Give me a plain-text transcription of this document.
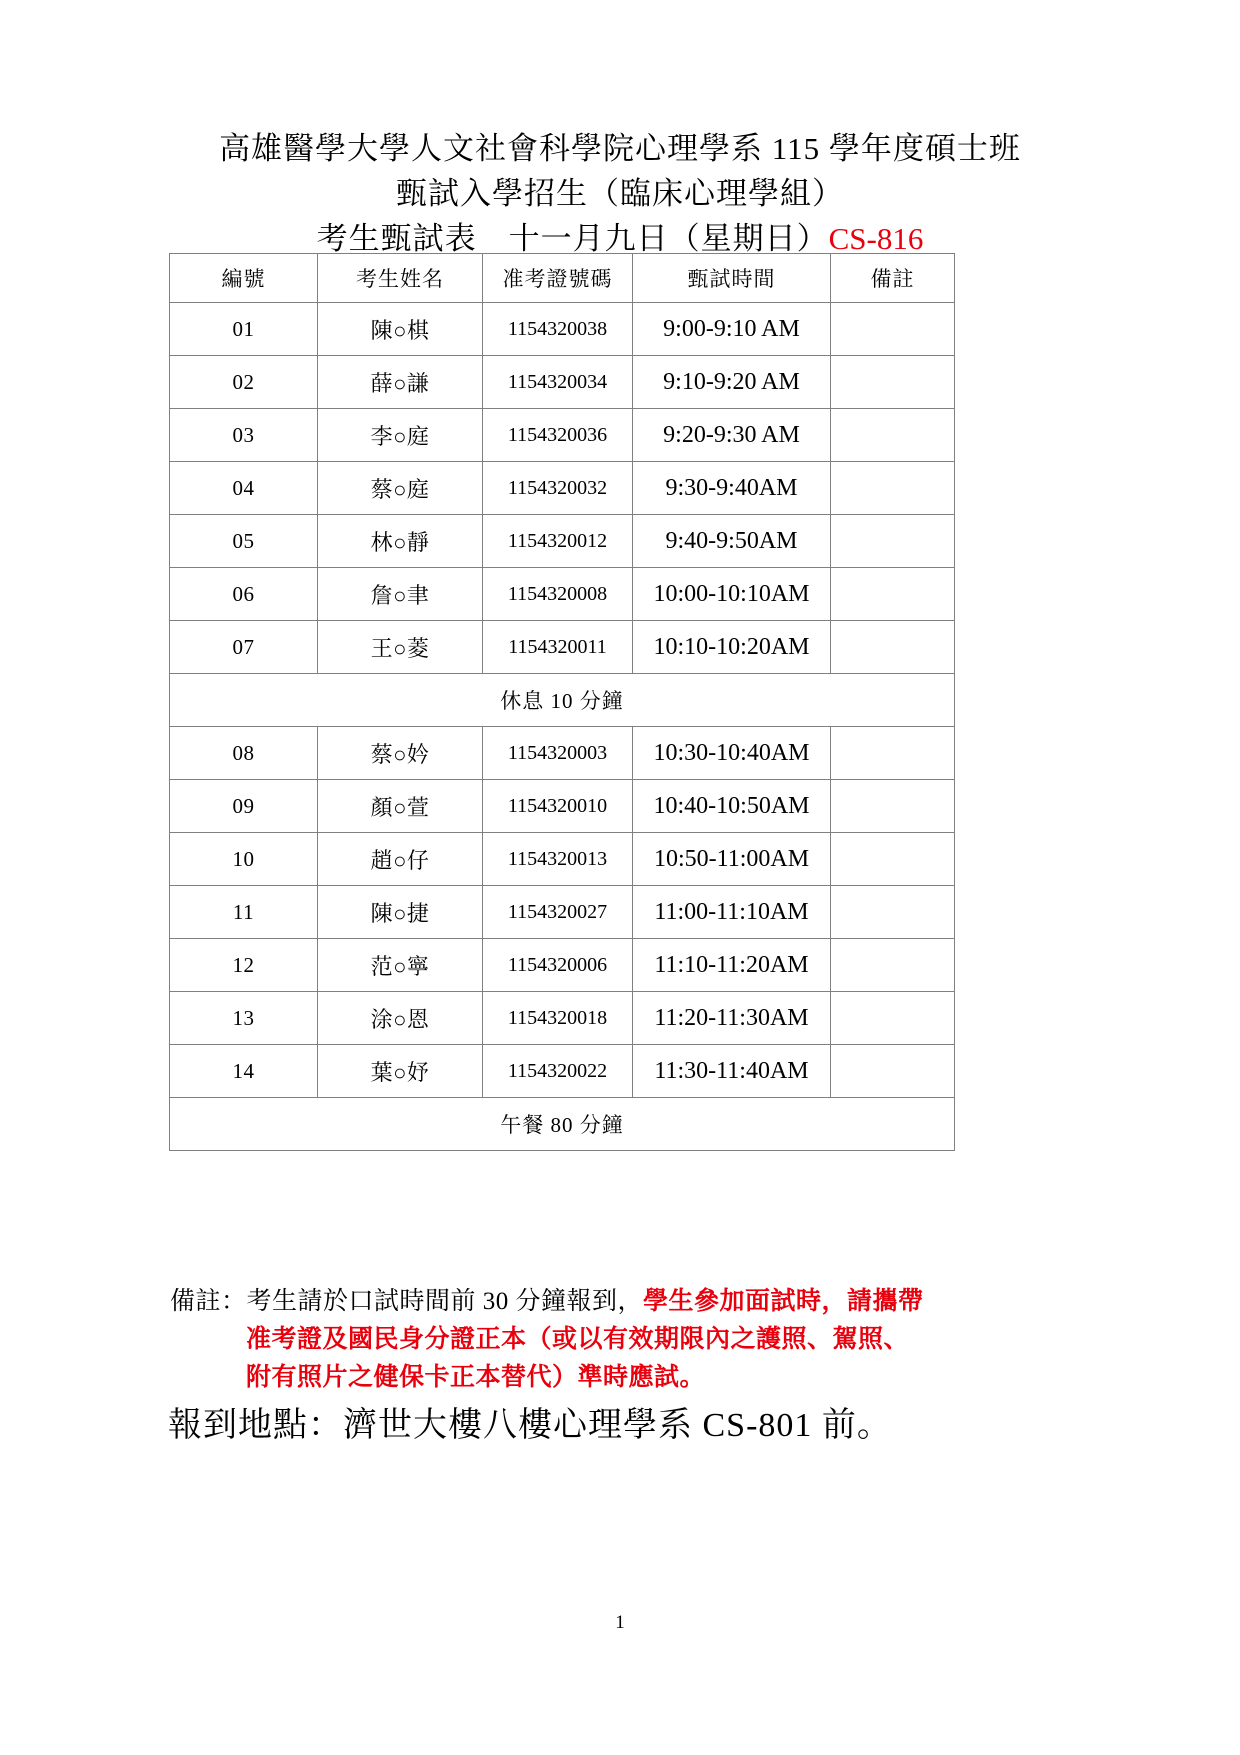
高雄醫學大學人文社會科學院心理學系 115 學年度碩士班
甄試入學招生（臨床心理學組）
考生甄試表　十一月九日（星期日）CS-816
編號	考生姓名	准考證號碼	甄試時間	備註
01	陳○棋	1154320038	9:00-9:10 AM	
02	薛○謙	1154320034	9:10-9:20 AM	
03	李○庭	1154320036	9:20-9:30 AM	
04	蔡○庭	1154320032	9:30-9:40AM	
05	林○靜	1154320012	9:40-9:50AM	
06	詹○聿	1154320008	10:00-10:10AM	
07	王○菱	1154320011	10:10-10:20AM	
休息 10 分鐘				
08	蔡○妗	1154320003	10:30-10:40AM	
09	顏○萱	1154320010	10:40-10:50AM	
10	趙○仔	1154320013	10:50-11:00AM	
11	陳○捷	1154320027	11:00-11:10AM	
12	范○寧	1154320006	11:10-11:20AM	
13	涂○恩	1154320018	11:20-11:30AM	
14	葉○妤	1154320022	11:30-11:40AM	
午餐 80 分鐘				
備註：考生請於口試時間前 30 分鐘報到，學生參加面試時，請攜帶
准考證及國民身分證正本（或以有效期限內之護照、駕照、
附有照片之健保卡正本替代）準時應試。
報到地點：濟世大樓八樓心理學系 CS-801 前。
1
